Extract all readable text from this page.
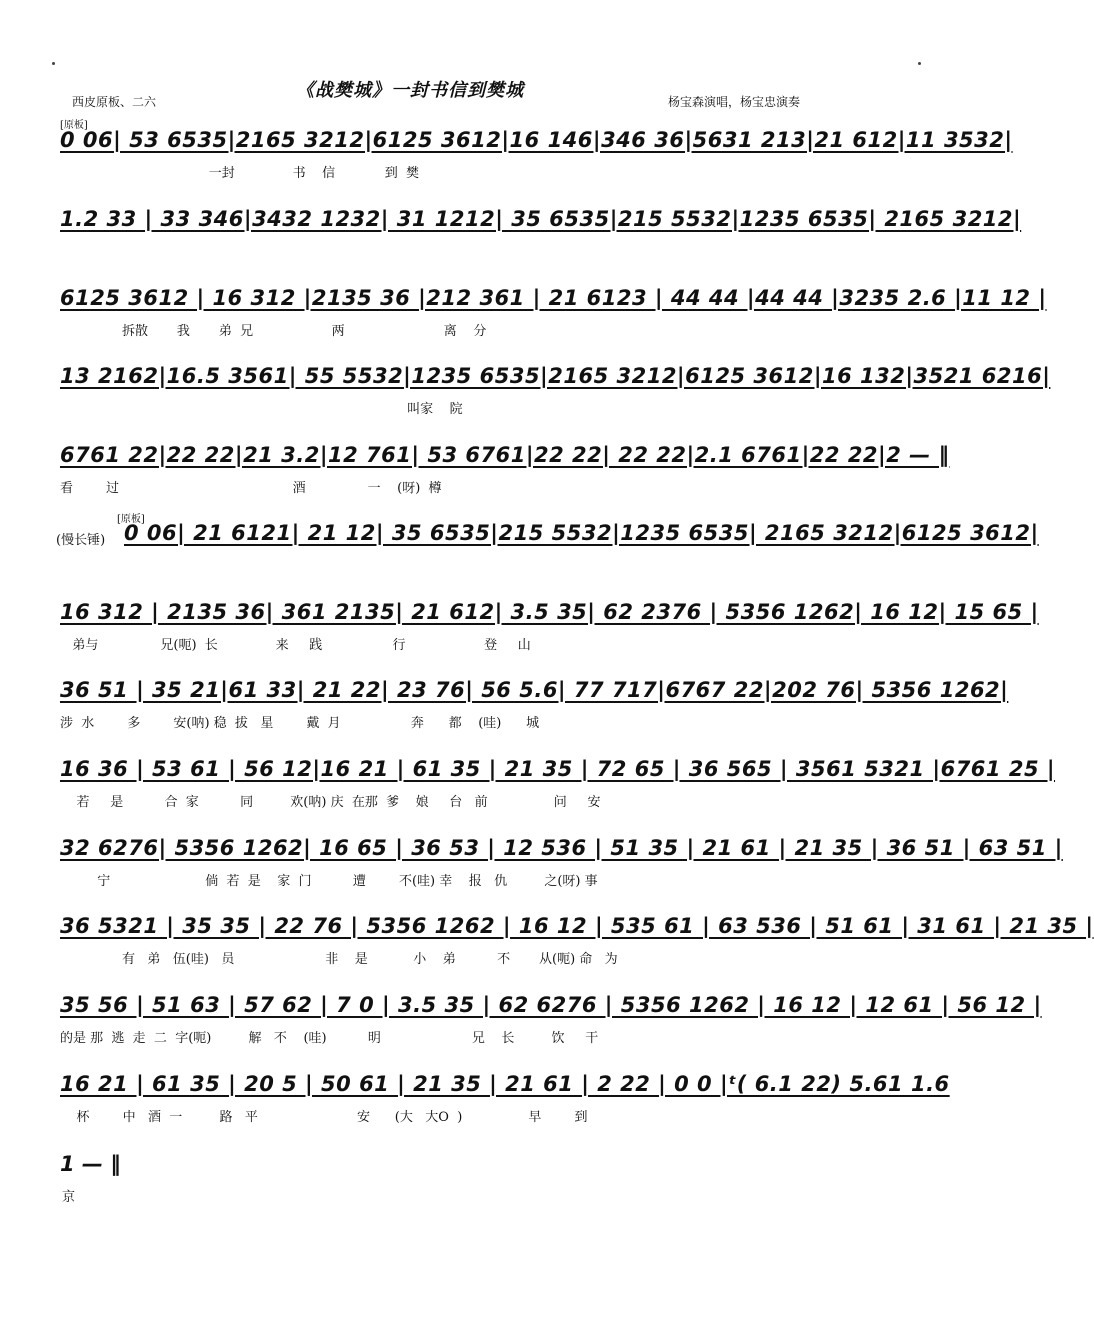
《战樊城》一封书信到樊城
西皮原板、二六	杨宝森演唱，杨宝忠演奏
[原板]
0 06| 53 6535|2165 3212|6125 3612|16 146|346 36|5631 213|21 612|11 3532|
一封              书    信            到  樊
1.2 33 | 33 346|3432 1232| 31 1212| 35 6535|215 5532|1235 6535| 2165 3212|
6125 3612 | 16 312 |2135 36 |212 361 | 21 6123 | 44 44 |44 44 |3235 2.6 |11 12 |
拆散       我       弟  兄                   两                        离    分
13 2162|16.5 3561| 55 5532|1235 6535|2165 3212|6125 3612|16 132|3521 6216|
叫家    院
6761 22|22 22|21 3.2|12 761| 53 6761|22 22| 22 22|2.1 6761|22 22|2 — ‖
看        过                                          酒               一    (呀)  樽
(慢长锤) 0 06| 21 6121| 21 12| 35 6535|215 5532|1235 6535| 2165 3212|6125 3612|
16 312 | 2135 36| 361 2135| 21 612| 3.5 35| 62 2376 | 5356 1262| 16 12| 15 65 |
弟与               兄(呃)  长              来     践                 行                   登     山
36 51 | 35 21|61 33| 21 22| 23 76| 56 5.6| 77 717|6767 22|202 76| 5356 1262|
涉  水        多        安(呐) 稳  拔   星        戴  月                 奔      都    (哇)      城
16 36 | 53 61 | 56 12|16 21 | 61 35 | 21 35 | 72 65 | 36 565 | 3561 5321 |6761 25 |
若     是          合  家          同         欢(呐) 庆  在那  爹    娘     台   前                问     安
32 6276| 5356 1262| 16 65 | 36 53 | 12 536 | 51 35 | 21 61 | 21 35 | 36 51 | 63 51 |
宁                       倘  若  是    家  门          遭        不(哇) 幸    报   仇         之(呀) 事
36 5321 | 35 35 | 22 76 | 5356 1262 | 16 12 | 535 61 | 63 536 | 51 61 | 31 61 | 21 35 |
有   弟   伍(哇)   员                      非    是           小    弟          不       从(呃) 命   为
35 56 | 51 63 | 57 62 | 7 0 | 3.5 35 | 62 6276 | 5356 1262 | 16 12 | 12 61 | 56 12 |
的是 那  逃  走  二  字(呃)         解   不    (哇)          明                      兄    长         饮     干
16 21 | 61 35 | 20 5 | 50 61 | 21 35 | 21 61 | 2 22 | 0 0 |ᵗ( 6.1 22) 5.61 1.6
杯        中   酒  一         路   平                        安      (大   大O  )                早        到
[原板]
1 — ‖
京
